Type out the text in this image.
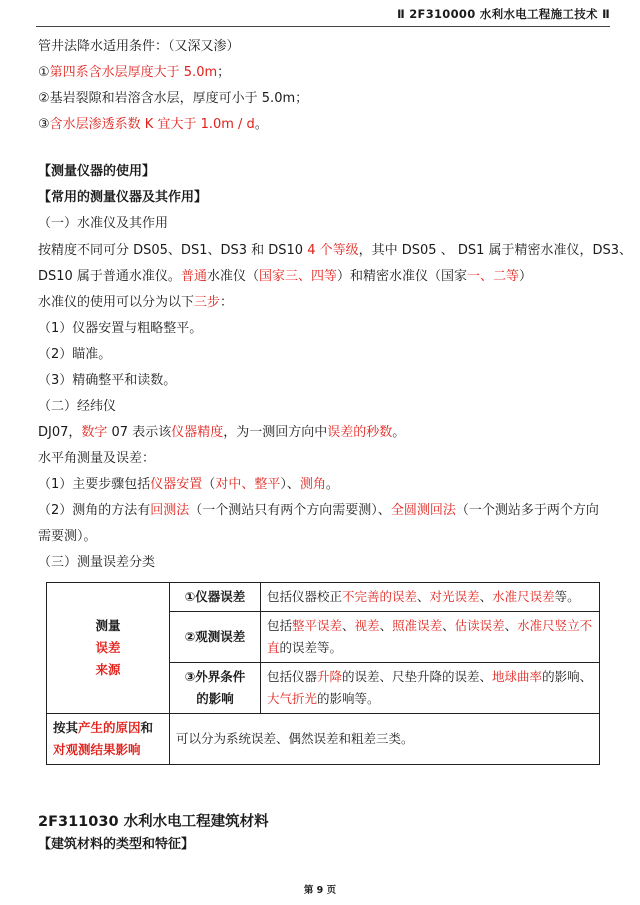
Ⅱ 2F310000 水利水电工程施工技术 Ⅱ
管井法降水适用条件：（又深又渗）
①第四系含水层厚度大于 5.0m；
②基岩裂隙和岩溶含水层，厚度可小于 5.0m；
③含水层渗透系数 K 宜大于 1.0m / d。
【测量仪器的使用】
【常用的测量仪器及其作用】
（一）水准仪及其作用
按精度不同可分 DS05、DS1、DS3 和 DS10 4 个等级，其中 DS05 、 DS1 属于精密水准仪，DS3、
DS10 属于普通水准仪。普通水准仪（国家三、四等）和精密水准仪（国家一、二等）
水准仪的使用可以分为以下三步：
（1）仪器安置与粗略整平。
（2）瞄准。
（3）精确整平和读数。
（二）经纬仪
DJ07，数字 07 表示该仪器精度，为一测回方向中误差的秒数。
水平角测量及误差：
（1）主要步骤包括仪器安置（对中、整平）、测角。
（2）测角的方法有回测法（一个测站只有两个方向需要测）、全圆测回法（一个测站多于两个方向
需要测）。
（三）测量误差分类
测量
误差
来源	①仪器误差	包括仪器校正不完善的误差、对光误差、水准尺误差等。
	②观测误差	包括整平误差、视差、照准误差、估读误差、水准尺竖立不直的误差等。

	③外界条件
的影响	包括仪器升降的误差、尺垫升降的误差、地球曲率的影响、大气折光的影响等。

按其产生的原因和
对观测结果影响	可以分为系统误差、偶然误差和粗差三类。	
2F311030 水利水电工程建筑材料
【建筑材料的类型和特征】
第 9 页
